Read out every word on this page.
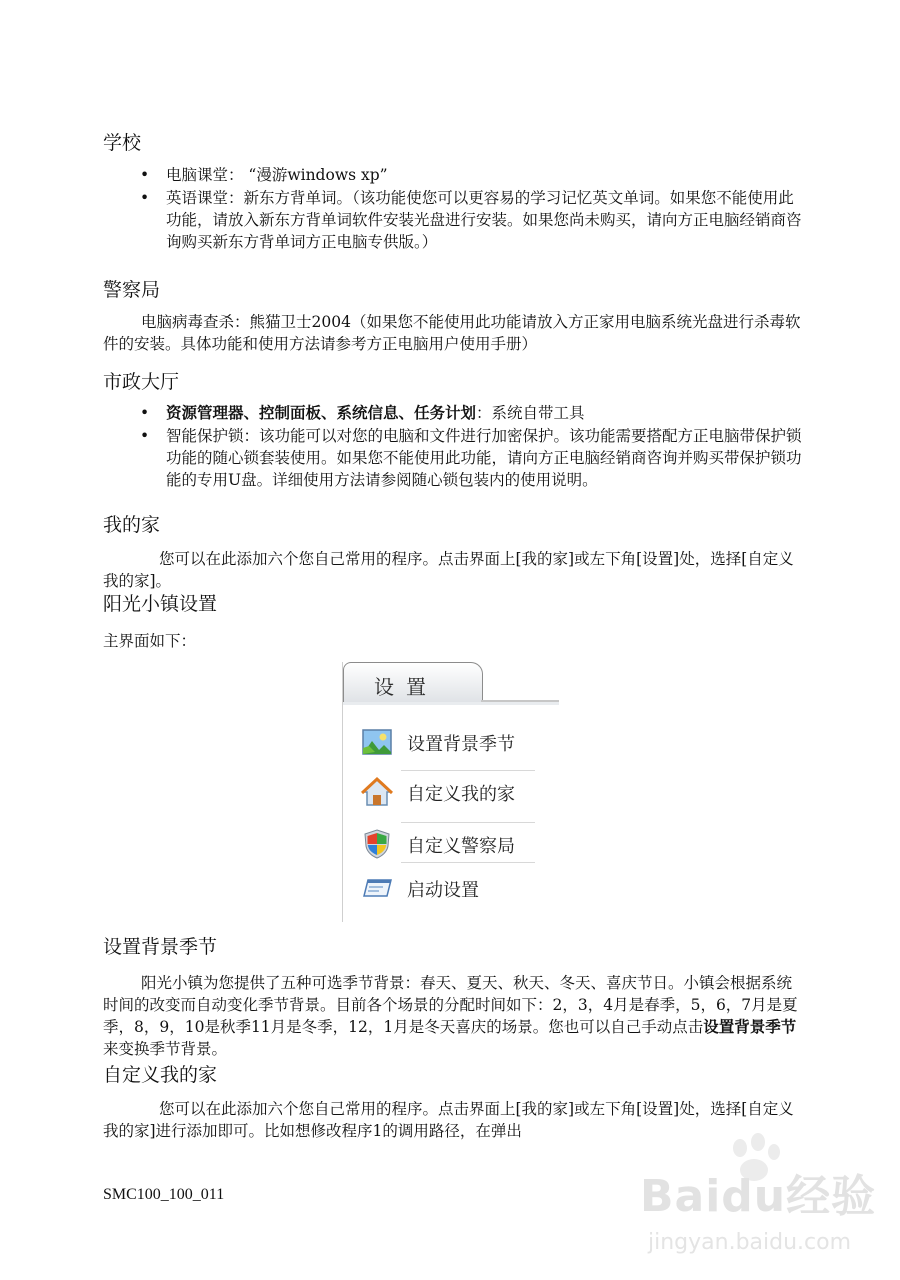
学校
•	电脑课堂： “漫游windows xp”
•	英语课堂：新东方背单词。（该功能使您可以更容易的学习记忆英文单词。如果您不能使用此功能，请放入新东方背单词软件安装光盘进行安装。如果您尚未购买，请向方正电脑经销商咨询购买新东方背单词方正电脑专供版。）
警察局
电脑病毒查杀：熊猫卫士2004（如果您不能使用此功能请放入方正家用电脑系统光盘进行杀毒软件的安装。具体功能和使用方法请参考方正电脑用户使用手册）
市政大厅
•	资源管理器、控制面板、系统信息、任务计划：系统自带工具
•	智能保护锁：该功能可以对您的电脑和文件进行加密保护。该功能需要搭配方正电脑带保护锁功能的随心锁套装使用。如果您不能使用此功能，请向方正电脑经销商咨询并购买带保护锁功能的专用U盘。详细使用方法请参阅随心锁包装内的使用说明。
我的家
您可以在此添加六个您自己常用的程序。点击界面上[我的家]或左下角[设置]处，选择[自定义我的家]。
阳光小镇设置
主界面如下：
设置
设置背景季节
自定义我的家
自定义警察局
启动设置
设置背景季节
阳光小镇为您提供了五种可选季节背景：春天、夏天、秋天、冬天、喜庆节日。小镇会根据系统时间的改变而自动变化季节背景。目前各个场景的分配时间如下：2，3，4月是春季，5，6，7月是夏季，8，9，10是秋季11月是冬季，12，1月是冬天喜庆的场景。您也可以自己手动点击设置背景季节来变换季节背景。
自定义我的家
您可以在此添加六个您自己常用的程序。点击界面上[我的家]或左下角[设置]处，选择[自定义我的家]进行添加即可。比如想修改程序1的调用路径，在弹出
SMC100_100_011	Baidu经验
jingyan.baidu.com
